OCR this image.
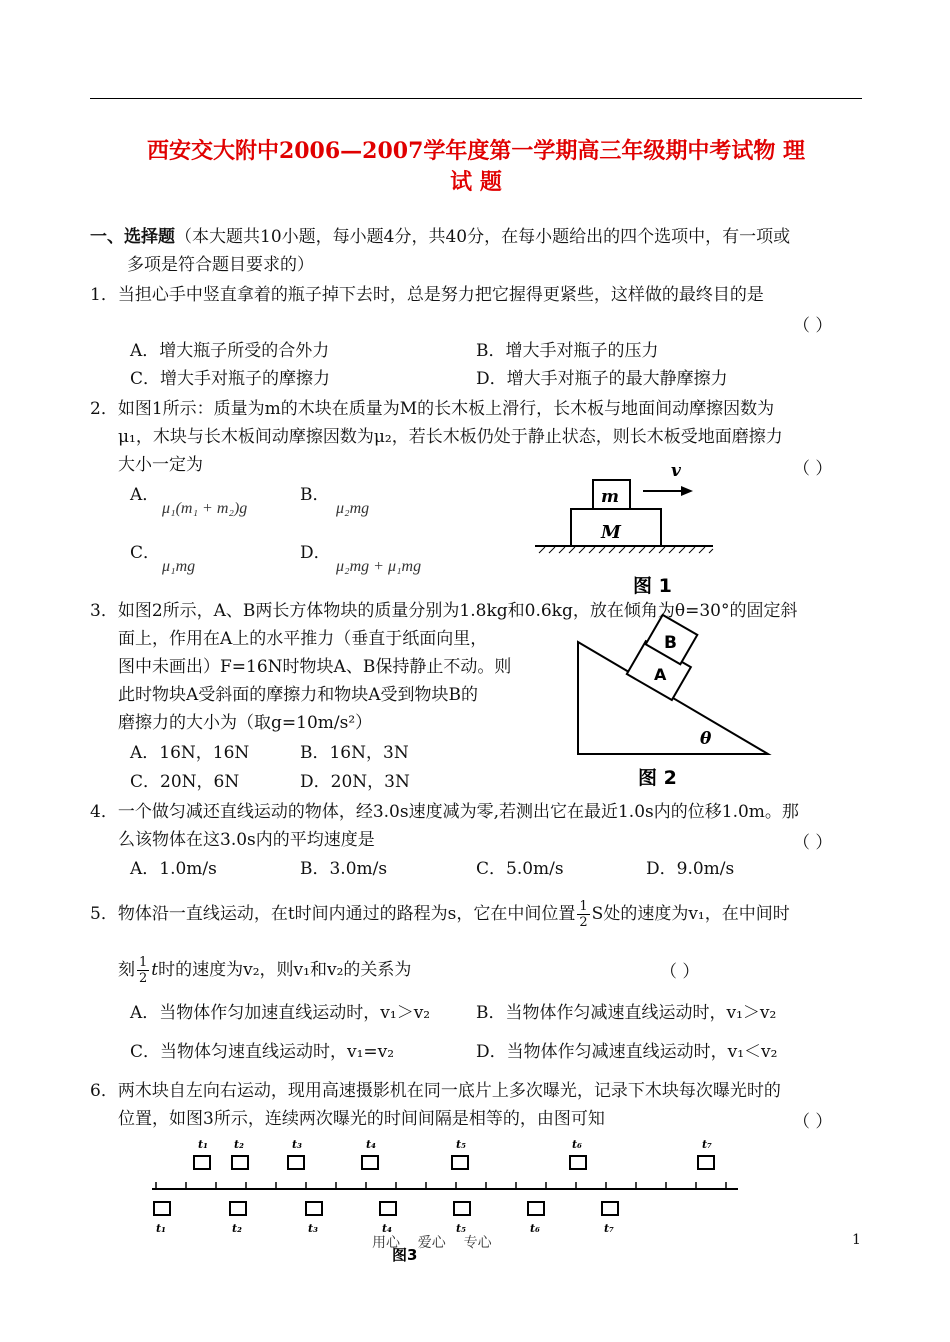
西安交大附中2006—2007学年度第一学期高三年级期中考试物 理
试 题
一、选择题（本大题共10小题，每小题4分，共40分，在每小题给出的四个选项中，有一项或
多项是符合题目要求的）
1．当担心手中竖直拿着的瓶子掉下去时，总是努力把它握得更紧些，这样做的最终目的是
（ ）
A．增大瓶子所受的合外力	B．增大手对瓶子的压力
C．增大手对瓶子的摩擦力	D．增大手对瓶子的最大静摩擦力
2．如图1所示：质量为m的木块在质量为M的长木板上滑行，长木板与地面间动摩擦因数为
μ₁，木块与长木板间动摩擦因数为μ₂，若长木板仍处于静止状态，则长木板受地面磨擦力
大小一定为	（ ）
A．
μ₁(m₁ + m₂)g
B．
μ₂mg
C．
μ₁mg
D．
μ₂mg + μ₁mg
m
M
v
图 1
3．如图2所示，A、B两长方体物块的质量分别为1.8kg和0.6kg，放在倾角为θ=30°的固定斜
面上，作用在A上的水平推力（垂直于纸面向里，
图中未画出）F=16N时物块A、B保持静止不动。则
此时物块A受斜面的摩擦力和物块A受到物块B的
磨擦力的大小为（取g=10m/s²）
A．16N，16N	B．16N，3N
C．20N，6N	D．20N，3N
A
B
θ
图 2
4．一个做匀减还直线运动的物体，经3.0s速度减为零,若测出它在最近1.0s内的位移1.0m。那
么该物体在这3.0s内的平均速度是	（ ）
A．1.0m/s	B．3.0m/s	C．5.0m/s	D．9.0m/s
5．物体沿一直线运动，在t时间内通过的路程为s，它在中间位置 $\frac{1}{2}$ S处的速度为v₁，在中间时
刻 $\frac{1}{2}$ t时的速度为v₂，则v₁和v₂的关系为	（ ）
A．当物体作匀加速直线运动时，v₁＞v₂	B．当物体作匀减速直线运动时，v₁＞v₂
C．当物体匀速直线运动时，v₁=v₂	D．当物体作匀减速直线运动时，v₁＜v₂
6．两木块自左向右运动，现用高速摄影机在同一底片上多次曝光，记录下木块每次曝光时的
位置，如图3所示，连续两次曝光的时间间隔是相等的，由图可知	（ ）
t₁ t₂	t₃	t₄	t₅	t₆	t₇
t₁	t₂	t₃	t₄	t₅	t₆	t₇
图3
用心    爱心    专心	1
